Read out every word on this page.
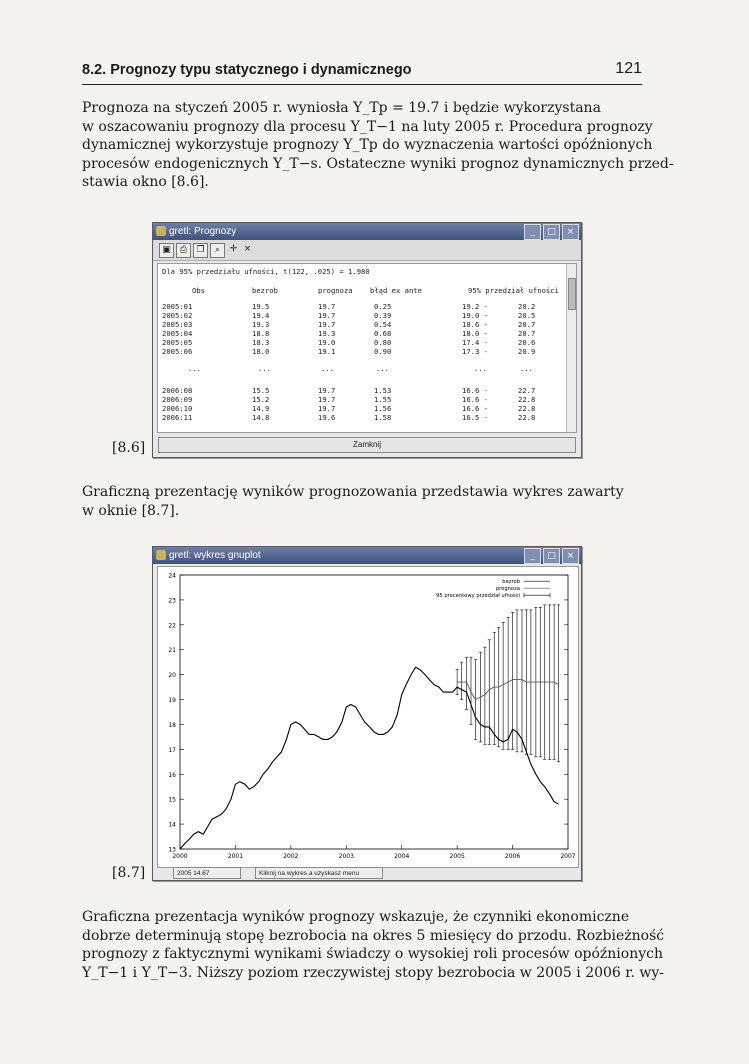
8.2. Prognozy typu statycznego i dynamicznego	121
Prognoza na styczeń 2005 r. wyniosła Y_Tp = 19.7 i będzie wykorzystana
w oszacowaniu prognozy dla procesu Y_T−1 na luty 2005 r. Procedura prognozy
dynamicznej wykorzystuje prognozy Y_Tp do wyznaczenia wartości opóźnionych
procesów endogenicznych Y_T−s. Ostateczne wyniki prognoz dynamicznych przed-
stawia okno [8.6].
[8.6]
gretl: Prognozy	_	□	×
▣	⎙	❐	⌕	✛ ×
Dla 95% przedziału ufności, t(122, .025) = 1.980
Obs	bezrob	prognoza błąd ex ante	95% przedział ufności
2005:01	19.5	19.7	0.25	19.2 -	20.2
2005:02	19.4	19.7	0.39	19.0 -	20.5
2005:03	19.3	19.7	0.54	18.6 -	20.7
2005:04	18.8	19.3	0.68	18.0 -	20.7
2005:05	18.3	19.0	0.80	17.4 -	20.6
2005:06	18.0	19.1	0.90	17.3 -	20.9
...	...	...	...	...	...
2006:08	15.5	19.7	1.53	16.6 -	22.7
2006:09	15.2	19.7	1.55	16.6 -	22.8
2006:10	14.9	19.7	1.56	16.6 -	22.8
2006:11	14.8	19.6	1.58	16.5 -	22.8
Zamknij
Graficzną prezentację wyników prognozowania przedstawia wykres zawarty
w oknie [8.7].
[8.7]
gretl: wykres gnuplot	_	□	×
13
14
15
16
17
18
19
20
21
22
23
24
2000	2001	2002	2003	2004	2005	2006	2007
bezrob
prognoza
95 procentowy przedział ufności
2005 14.67	Kliknij na wykres a uzyskasz menu
Graficzna prezentacja wyników prognozy wskazuje, że czynniki ekonomiczne
dobrze determinują stopę bezrobocia na okres 5 miesięcy do przodu. Rozbieżność
prognozy z faktycznymi wynikami świadczy o wysokiej roli procesów opóźnionych
Y_T−1 i Y_T−3. Niższy poziom rzeczywistej stopy bezrobocia w 2005 i 2006 r. wy-
